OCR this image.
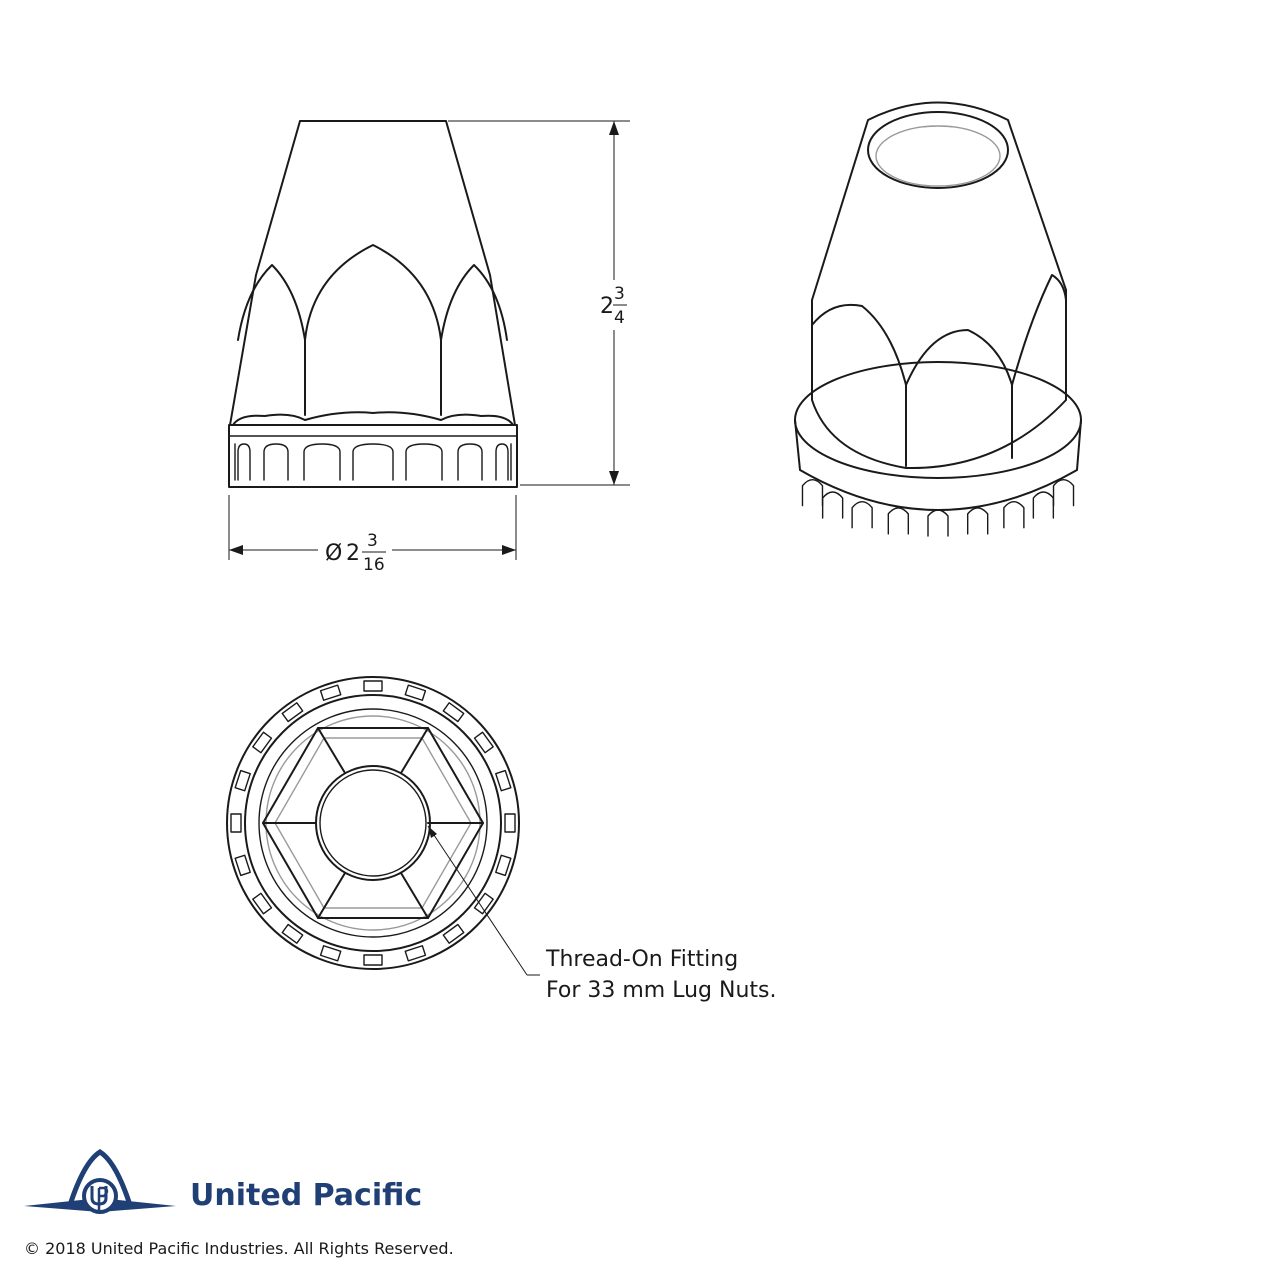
2 3
4
Ø 2 3
16
Thread-On Fitting
For 33 mm Lug Nuts.
United Pacific
© 2018 United Pacific Industries. All Rights Reserved.
